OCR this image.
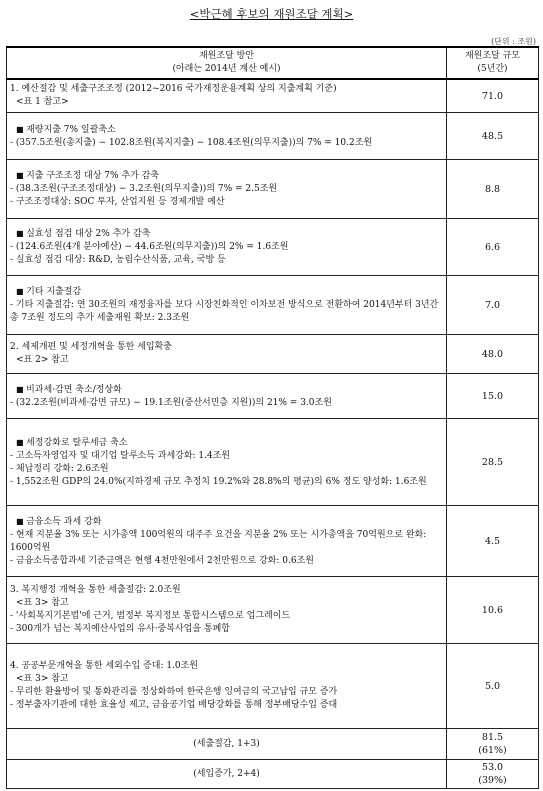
<박근혜 후보의 재원조달 계획>
(단위 : 조원)
재원조달 방안
(아래는 2014년 계산 예시)	재원조달 규모
(5년간)

1. 예산절감 및 세출구조조정 (2012~2016 국가재정운용계획 상의 지출계획 기준)
<표 1 참고>	71.0

■ 재량지출 7% 일괄축소
- (357.5조원(총지출) − 102.8조원(복지지출) − 108.4조원(의무지출))의 7% = 10.2조원	48.5

■ 지출 구조조정 대상 7% 추가 감축
- (38.3조원(구조조정대상) − 3.2조원(의무지출))의 7% = 2.5조원
- 구조조정대상: SOC 투자, 산업지원 등 경제개발 예산	8.8

■ 실효성 점검 대상 2% 추가 감축
- (124.6조원(4개 분야예산) − 44.6조원(의무지출))의 2% = 1.6조원
- 실효성 점검 대상: R&D, 농림수산식품, 교육, 국방 등	6.6

■ 기타 지출절감
- 기타 지출절감: 연 30조원의 재정융자를 보다 시장친화적인 이차보전 방식으로 전환하여 2014년부터 3년간 총 7조원 정도의 추가 세출재원 확보: 2.3조원	7.0

2. 세제개편 및 세정개혁을 통한 세입확충
<표 2> 참고	48.0

■ 비과세·감면 축소/정상화
- (32.2조원(비과세·감면 규모) − 19.1조원(중산서민층 지원))의 21% = 3.0조원	15.0

■ 세정강화로 탈루세금 축소
- 고소득자영업자 및 대기업 탈루소득 과세강화: 1.4조원
- 체납정리 강화: 2.6조원
- 1,552조원 GDP의 24.0%(지하경제 규모 추정치 19.2%와 28.8%의 평균)의 6% 정도 양성화: 1.6조원	28.5

■ 금융소득 과세 강화
- 현재 지분율 3% 또는 시가총액 100억원의 대주주 요건을 지분율 2% 또는 시가총액을 70억원으로 완화: 1600억원
- 금융소득종합과세 기준금액은 현행 4천만원에서 2천만원으로 강화: 0.6조원	4.5

3. 복지행정 개혁을 통한 세출절감: 2.0조원
<표 3> 참고
- '사회복지기본법'에 근거, 범정부 복지정보 통합시스템으로 업그레이드
- 300개가 넘는 복지예산사업의 유사·중복사업을 통폐합	10.6

4. 공공부문개혁을 통한 세외수입 증대: 1.0조원
<표 3> 참고
- 무리한 환율방어 및 통화관리를 정상화하여 한국은행 잉여금의 국고납입 규모 증가
- 정부출자기관에 대한 효율성 제고, 금융공기업 배당강화를 통해 정부배당수입 증대	5.0
(세출절감, 1+3)	81.5
(61%)

(세입증가, 2+4)	53.0
(39%)
